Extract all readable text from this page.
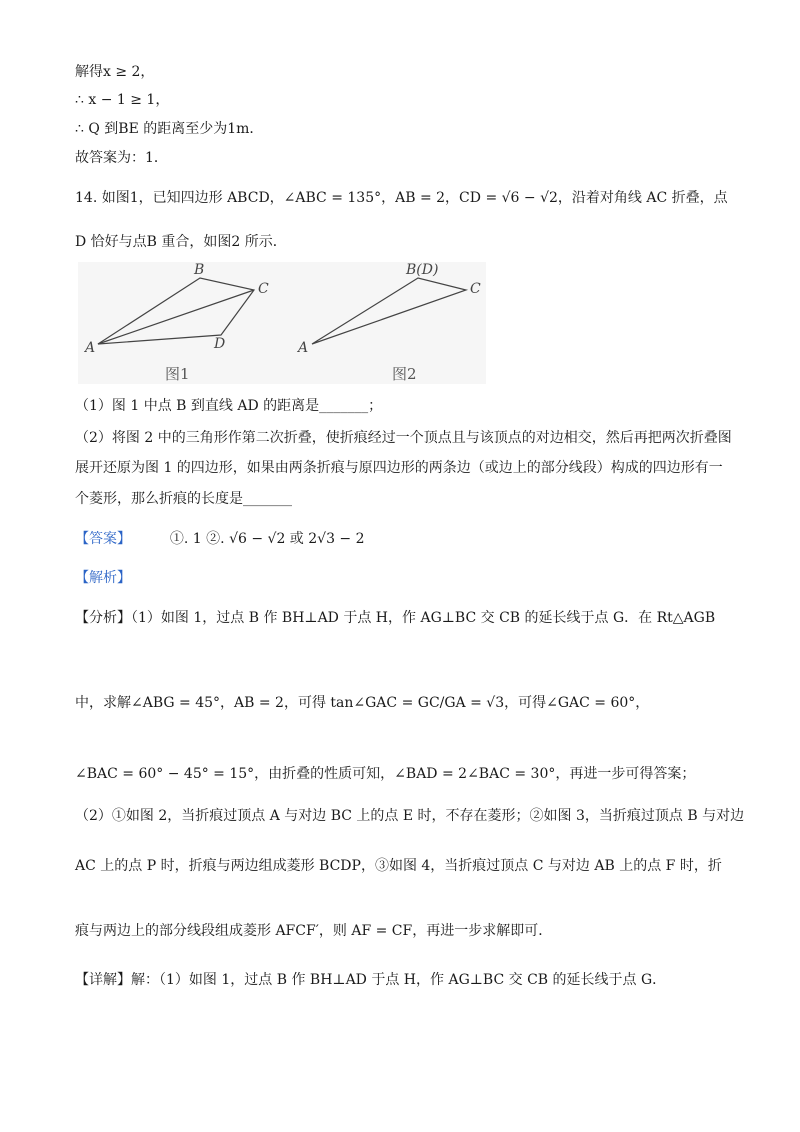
解得x ≥ 2，
∴ x − 1 ≥ 1，
∴ Q 到BE 的距离至少为1m．
故答案为：1．
14. 如图1，已知四边形 ABCD，∠ABC = 135°，AB = 2，CD = √6 − √2，沿着对角线 AC 折叠，点
D 恰好与点B 重合，如图2 所示．
A
B
C
D	A
B(D)
C
图1	图2
（1）图 1 中点 B 到直线 AD 的距离是_______；
（2）将图 2 中的三角形作第二次折叠，使折痕经过一个顶点且与该顶点的对边相交，然后再把两次折叠图
展开还原为图 1 的四边形，如果由两条折痕与原四边形的两条边（或边上的部分线段）构成的四边形有一
个菱形，那么折痕的长度是_______
【答案】	①. 1 ②. √6 − √2 或 2√3 − 2
【解析】
【分析】（1）如图 1，过点 B 作 BH⊥AD 于点 H，作 AG⊥BC 交 CB 的延长线于点 G．在 Rt△AGB
中，求解∠ABG = 45°，AB = 2，可得 tan∠GAC = GC/GA = √3，可得∠GAC = 60°，
∠BAC = 60° − 45° = 15°，由折叠的性质可知，∠BAD = 2∠BAC = 30°，再进一步可得答案；
（2）①如图 2，当折痕过顶点 A 与对边 BC 上的点 E 时，不存在菱形；②如图 3，当折痕过顶点 B 与对边
AC 上的点 P 时，折痕与两边组成菱形 BCDP，③如图 4，当折痕过顶点 C 与对边 AB 上的点 F 时，折
痕与两边上的部分线段组成菱形 AFCF′，则 AF = CF，再进一步求解即可．
【详解】解：（1）如图 1，过点 B 作 BH⊥AD 于点 H，作 AG⊥BC 交 CB 的延长线于点 G．
